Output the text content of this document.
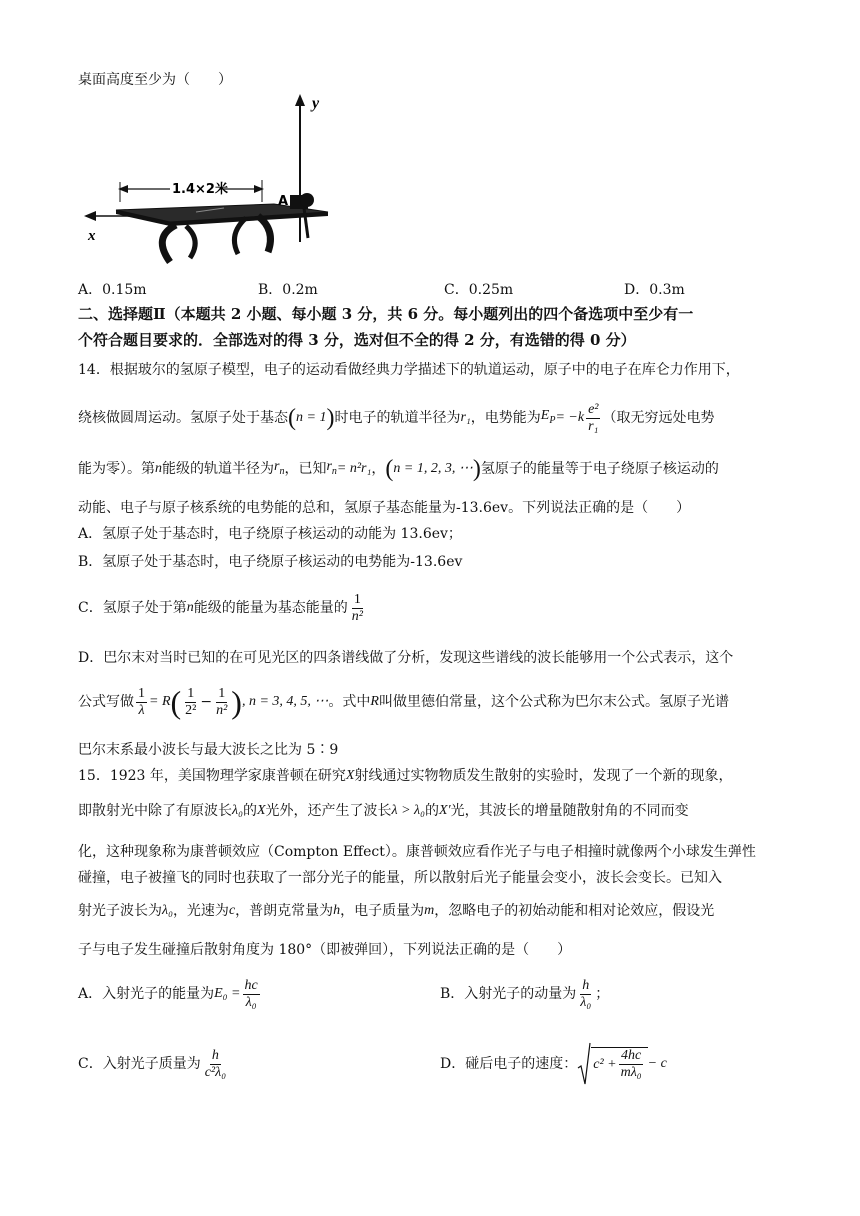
桌面高度至少为（　　）
y
x
1.4×2米
A
A．0.15m	B．0.2m	C．0.25m	D．0.3m
二、选择题Ⅱ（本题共 2 小题、每小题 3 分，共 6 分。每小题列出的四个备选项中至少有一
个符合题目要求的．全部选对的得 3 分，选对但不全的得 2 分，有选错的得 0 分）
14．根据玻尔的氢原子模型，电子的运动看做经典力学描述下的轨道运动，原子中的电子在库仑力作用下，
绕核做圆周运动。氢原子处于基态 ( n = 1 ) 时电子的轨道半径为 r₁ ，电势能为 $E_P = -k \frac{\text{e²}}{\text{r₁}}$ （取无穷远处电势
能为零）。第 n 能级的轨道半径为 $r_n$ ，已知 $r_n = n^2r_1$ ， ( n = 1, 2, 3, ⋯ ) 氢原子的能量等于电子绕原子核运动的
动能、电子与原子核系统的电势能的总和，氢原子基态能量为-13.6ev。下列说法正确的是（　　）
A．氢原子处于基态时，电子绕原子核运动的动能为 13.6ev；
B．氢原子处于基态时，电子绕原子核运动的电势能为-13.6ev
C．氢原子处于第 n 能级的能量为基态能量的 $\frac{1}{\text{n²}}$
D．巴尔末对当时已知的在可见光区的四条谱线做了分析，发现这些谱线的波长能够用一个公式表示，这个
公式写做 $\frac{1}{\lambda} = R$ ( $\frac{1}{\text{2²}} - \frac{1}{\text{n²}}$ ) , n = 3, 4, 5, ⋯ 。式中 R 叫做里德伯常量，这个公式称为巴尔末公式。氢原子光谱
巴尔末系最小波长与最大波长之比为 5∶9
15．1923 年，美国物理学家康普顿在研究 X 射线通过实物物质发生散射的实验时，发现了一个新的现象，
即散射光中除了有原波长 λ₀ 的 X 光外，还产生了波长 λ > λ₀ 的 X′ 光，其波长的增量随散射角的不同而变
化，这种现象称为康普顿效应（Compton Effect）。康普顿效应看作光子与电子相撞时就像两个小球发生弹性
碰撞，电子被撞飞的同时也获取了一部分光子的能量，所以散射后光子能量会变小，波长会变长。已知入
射光子波长为 λ₀ ，光速为 c ，普朗克常量为 h ，电子质量为 m ，忽略电子的初始动能和相对论效应，假设光
子与电子发生碰撞后散射角度为 180°（即被弹回），下列说法正确的是（　　）
A．入射光子的能量为 $E_0 = \frac{hc}{\text{λ₀}}$	B．入射光子的动量为 $\frac{h}{\text{λ₀}}$ ；
C．入射光子质量为 $\frac{h}{\text{c²λ₀}}$	D．碰后电子的速度： $c^2 + \frac{4hc}{\text{mλ₀}} - c$
